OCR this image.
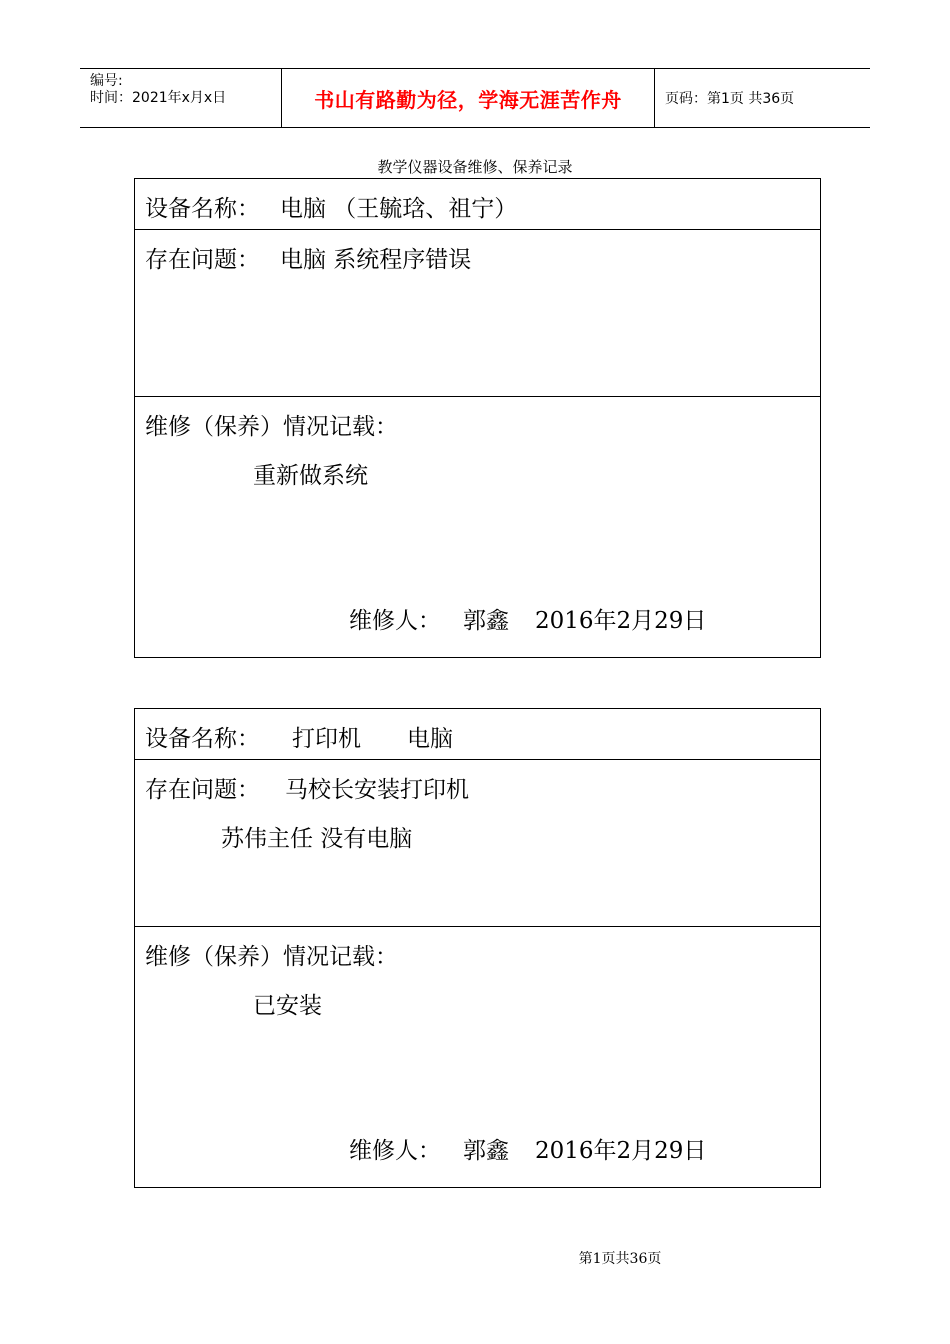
编号:
时间：2021年x月x日	书山有路勤为径，学海无涯苦作舟	页码：第1页 共36页
教学仪器设备维修、保养记录
设备名称： 电脑 （王毓琀、祖宁）
存在问题： 电脑 系统程序错误
维修（保养）情况记载：
重新做系统
维修人： 郭鑫 2016年2月29日
设备名称： 打印机　　电脑
存在问题： 马校长安装打印机
苏伟主任 没有电脑
维修（保养）情况记载：
已安装
维修人： 郭鑫 2016年2月29日
第1页共36页
